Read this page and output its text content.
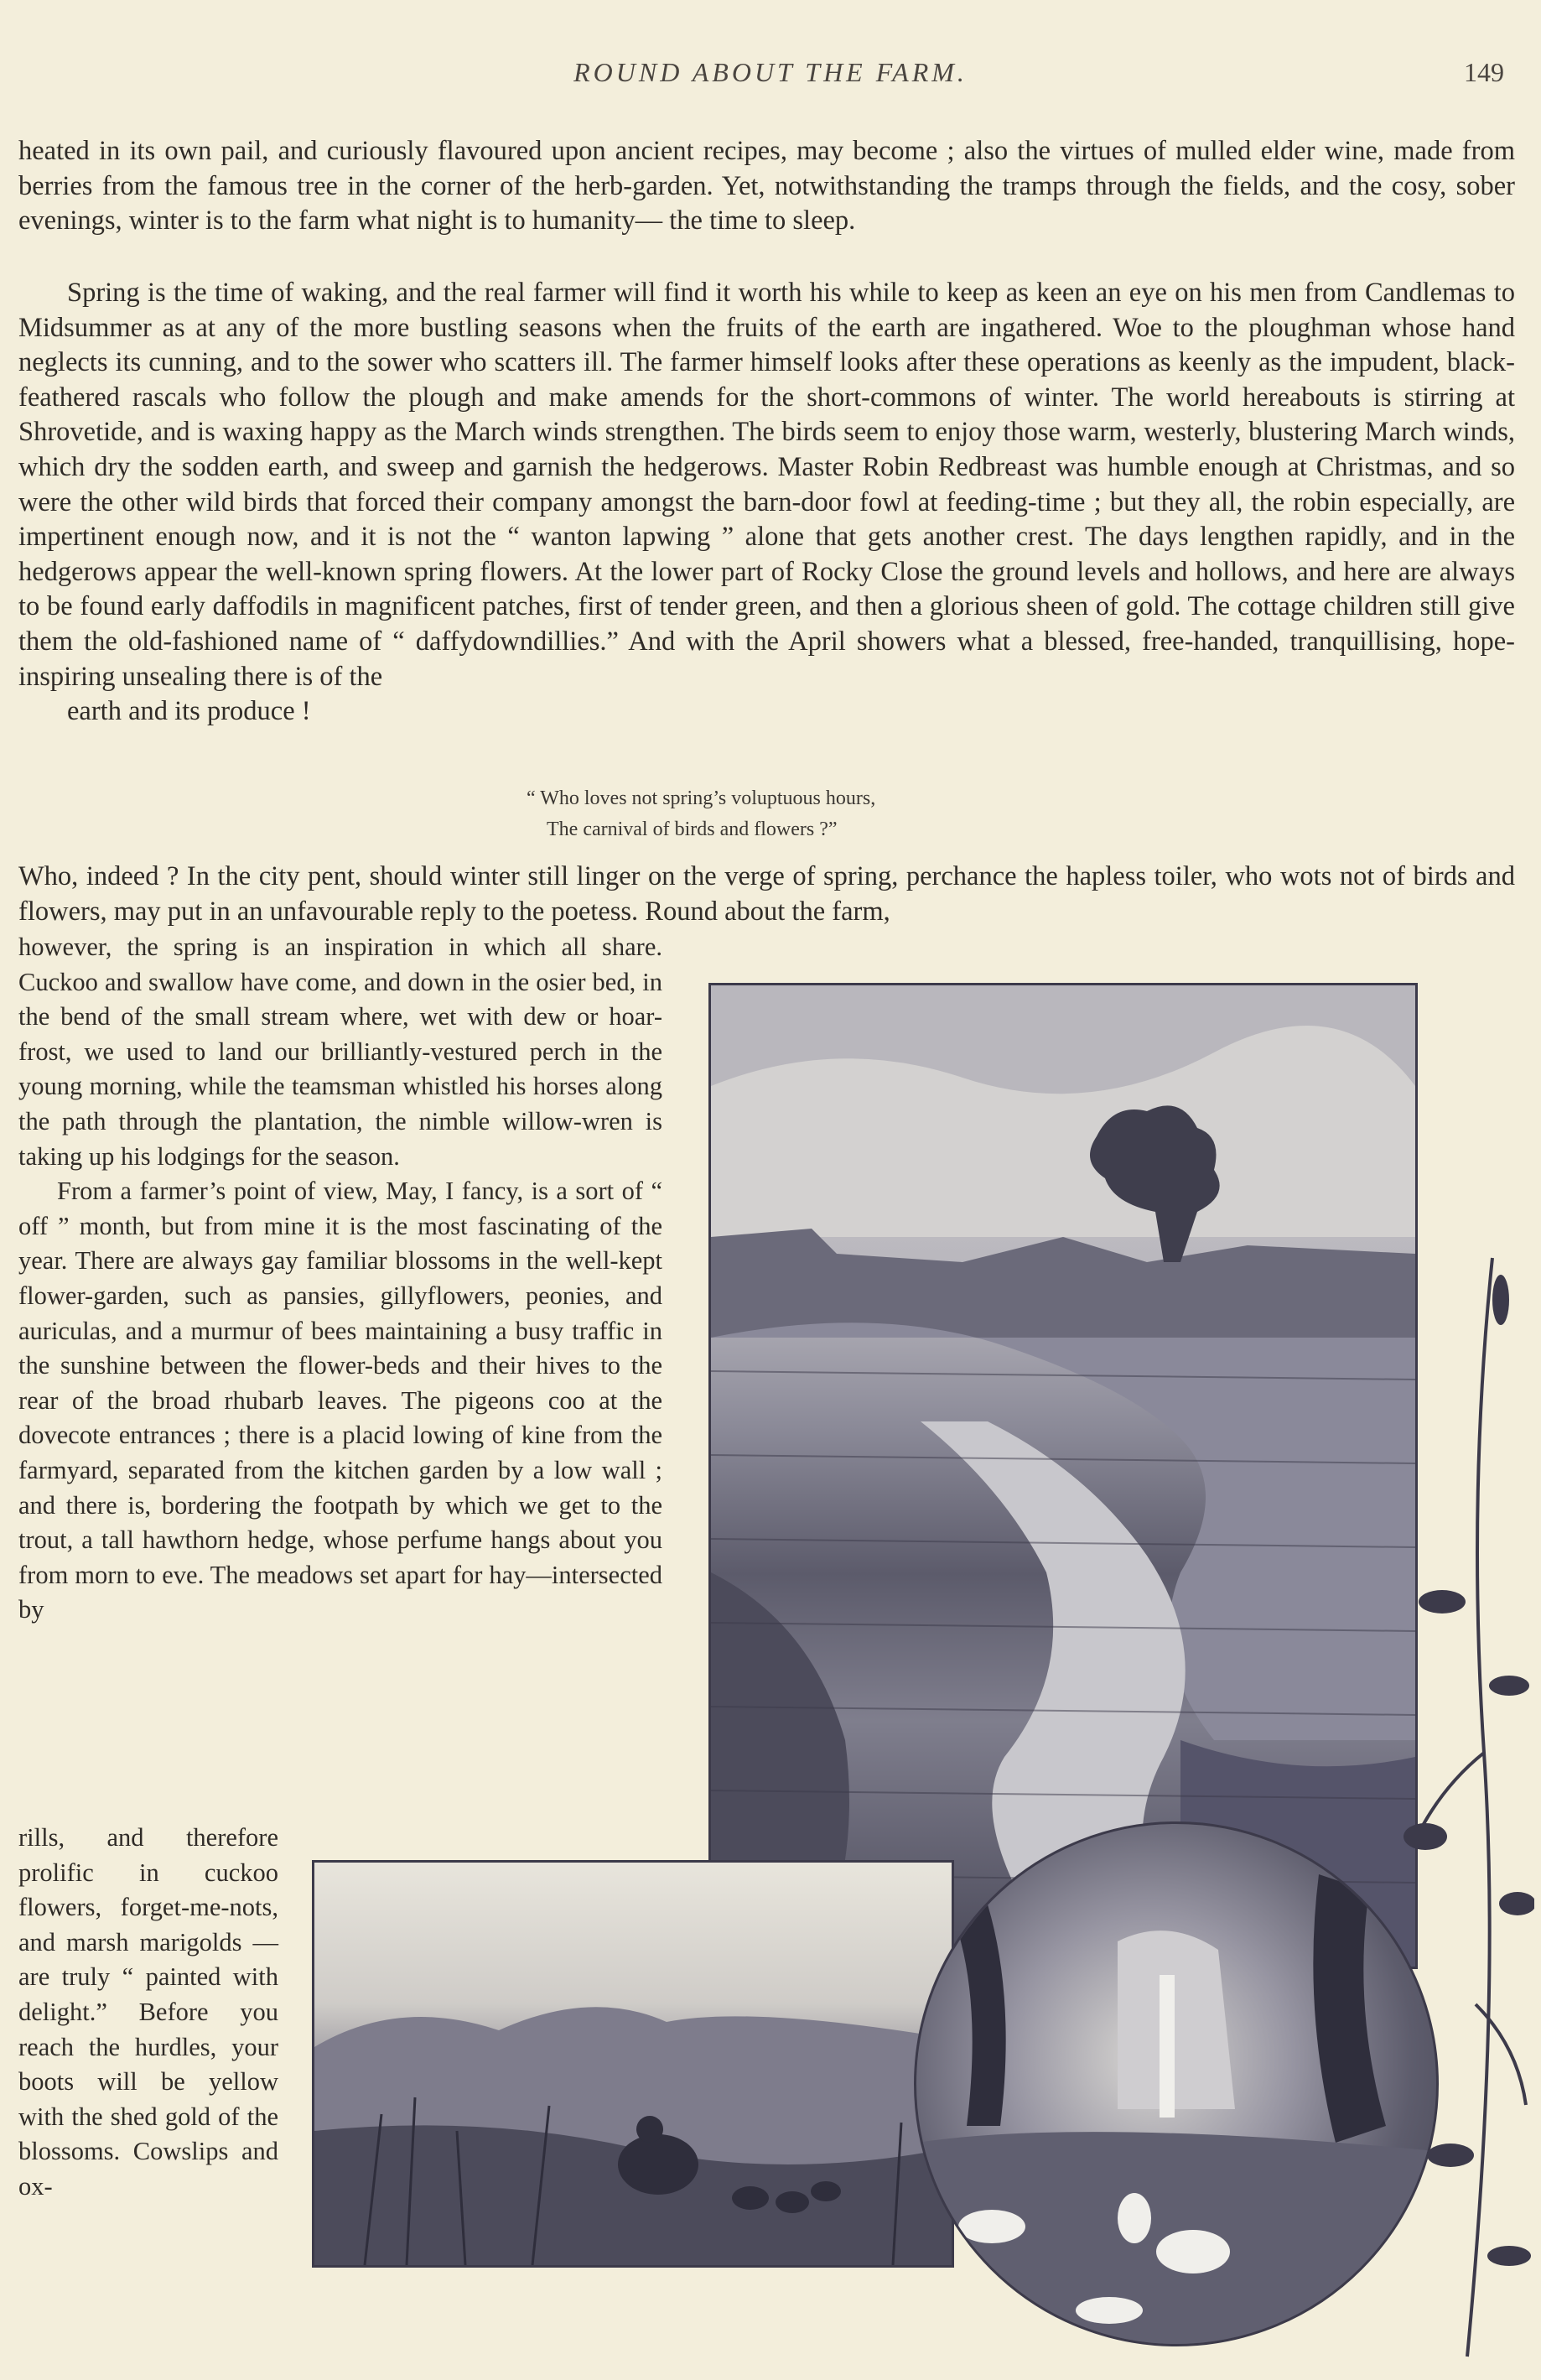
ROUND ABOUT THE FARM.	149

heated in its own pail, and curiously flavoured upon ancient recipes, may become ; also the virtues of mulled elder wine, made from berries from the famous tree in the corner of the herb-garden. Yet, notwithstanding the tramps through the fields, and the cosy, sober evenings, winter is to the farm what night is to humanity— the time to sleep.

Spring is the time of waking, and the real farmer will find it worth his while to keep as keen an eye on his men from Candlemas to Midsummer as at any of the more bustling seasons when the fruits of the earth are ingathered. Woe to the ploughman whose hand neglects its cunning, and to the sower who scatters ill. The farmer himself looks after these operations as keenly as the impudent, black-feathered rascals who follow the plough and make amends for the short-commons of winter. The world hereabouts is stirring at Shrovetide, and is waxing happy as the March winds strengthen. The birds seem to enjoy those warm, westerly, blustering March winds, which dry the sodden earth, and sweep and garnish the hedgerows. Master Robin Redbreast was humble enough at Christmas, and so were the other wild birds that forced their company amongst the barn-door fowl at feeding-time ; but they all, the robin especially, are impertinent enough now, and it is not the “ wanton lapwing ” alone that gets another crest. The days lengthen rapidly, and in the hedgerows appear the well-known spring flowers. At the lower part of Rocky Close the ground levels and hollows, and here are always to be found early daffodils in magnificent patches, first of tender green, and then a glorious sheen of gold. The cottage children still give them the old-fashioned name of “ daffydowndillies.” And with the April showers what a blessed, free-handed, tranquillising, hope-inspiring unsealing there is of the
earth and its produce !

“ Who loves not spring’s voluptuous hours,
The carnival of birds and flowers ?”

Who, indeed ? In the city pent, should winter still linger on the verge of spring, perchance the hapless toiler, who wots not of birds and flowers, may put in an unfavourable reply to the poetess. Round about the farm,

however, the spring is an inspiration in which all share. Cuckoo and swallow have come, and down in the osier bed, in the bend of the small stream where, wet with dew or hoar-frost, we used to land our brilliantly-vestured perch in the young morning, while the teamsman whistled his horses along the path through the plantation, the nimble willow-wren is taking up his lodgings for the season.
From a farmer’s point of view, May, I fancy, is a sort of “ off ” month, but from mine it is the most fascinating of the year. There are always gay familiar blossoms in the well-kept flower-garden, such as pansies, gillyflowers, peonies, and auriculas, and a murmur of bees maintaining a busy traffic in the sunshine between the flower-beds and their hives to the rear of the broad rhubarb leaves. The pigeons coo at the dovecote entrances ; there is a placid lowing of kine from the farmyard, separated from the kitchen garden by a low wall ; and there is, bordering the footpath by which we get to the trout, a tall hawthorn hedge, whose perfume hangs about you from morn to eve. The meadows set apart for hay—intersected by
rills, and therefore prolific in cuckoo flowers, forget-me-nots, and marsh marigolds — are truly “ painted with delight.” Before you reach the hurdles, your boots will be yellow with the shed gold of the blossoms. Cowslips and ox-
